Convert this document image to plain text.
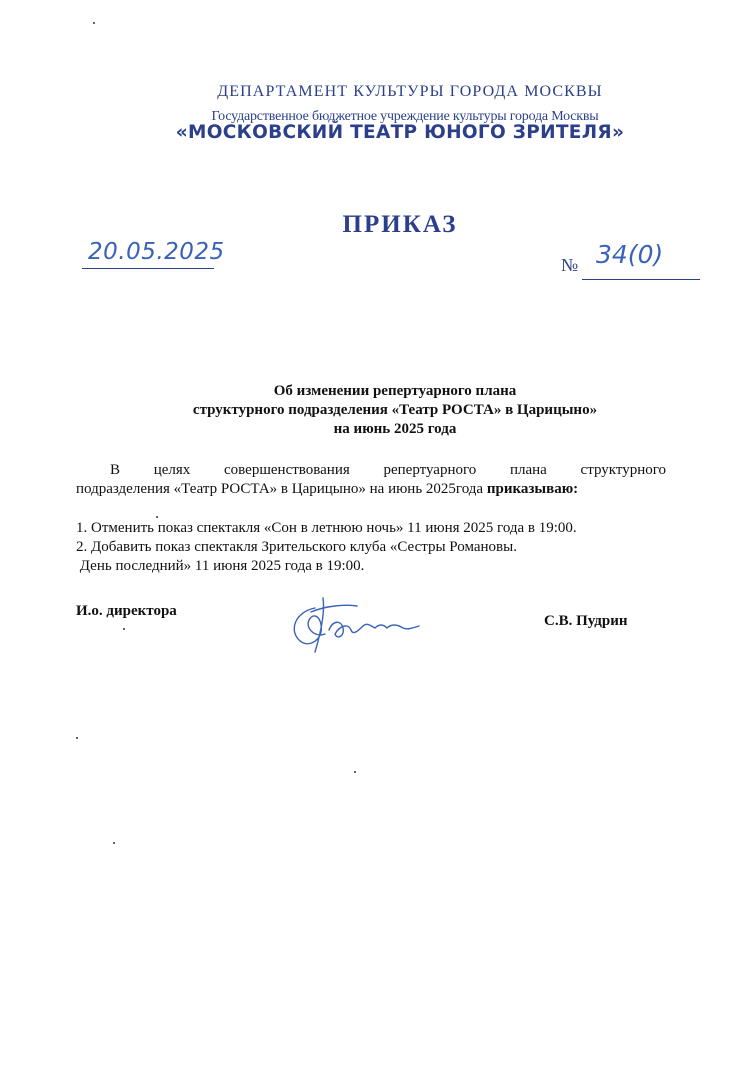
ДЕПАРТАМЕНТ КУЛЬТУРЫ ГОРОДА МОСКВЫ
Государственное бюджетное учреждение культуры города Москвы
«МОСКОВСКИЙ ТЕАТР ЮНОГО ЗРИТЕЛЯ»
ПРИКАЗ
20.05.2025	№ 34(0)
Об изменении репертуарного плана
структурного подразделения «Театр РОСТА» в Царицыно»
на июнь 2025 года
В целях совершенствования репертуарного плана структурного
подразделения «Театр РОСТА» в Царицыно» на июнь 2025года приказываю:
1. Отменить показ спектакля «Сон в летнюю ночь» 11 июня 2025 года в 19:00.
2. Добавить показ спектакля Зрительского клуба «Сестры Романовы.
День последний» 11 июня 2025 года в 19:00.
И.о. директора
С.В. Пудрин
